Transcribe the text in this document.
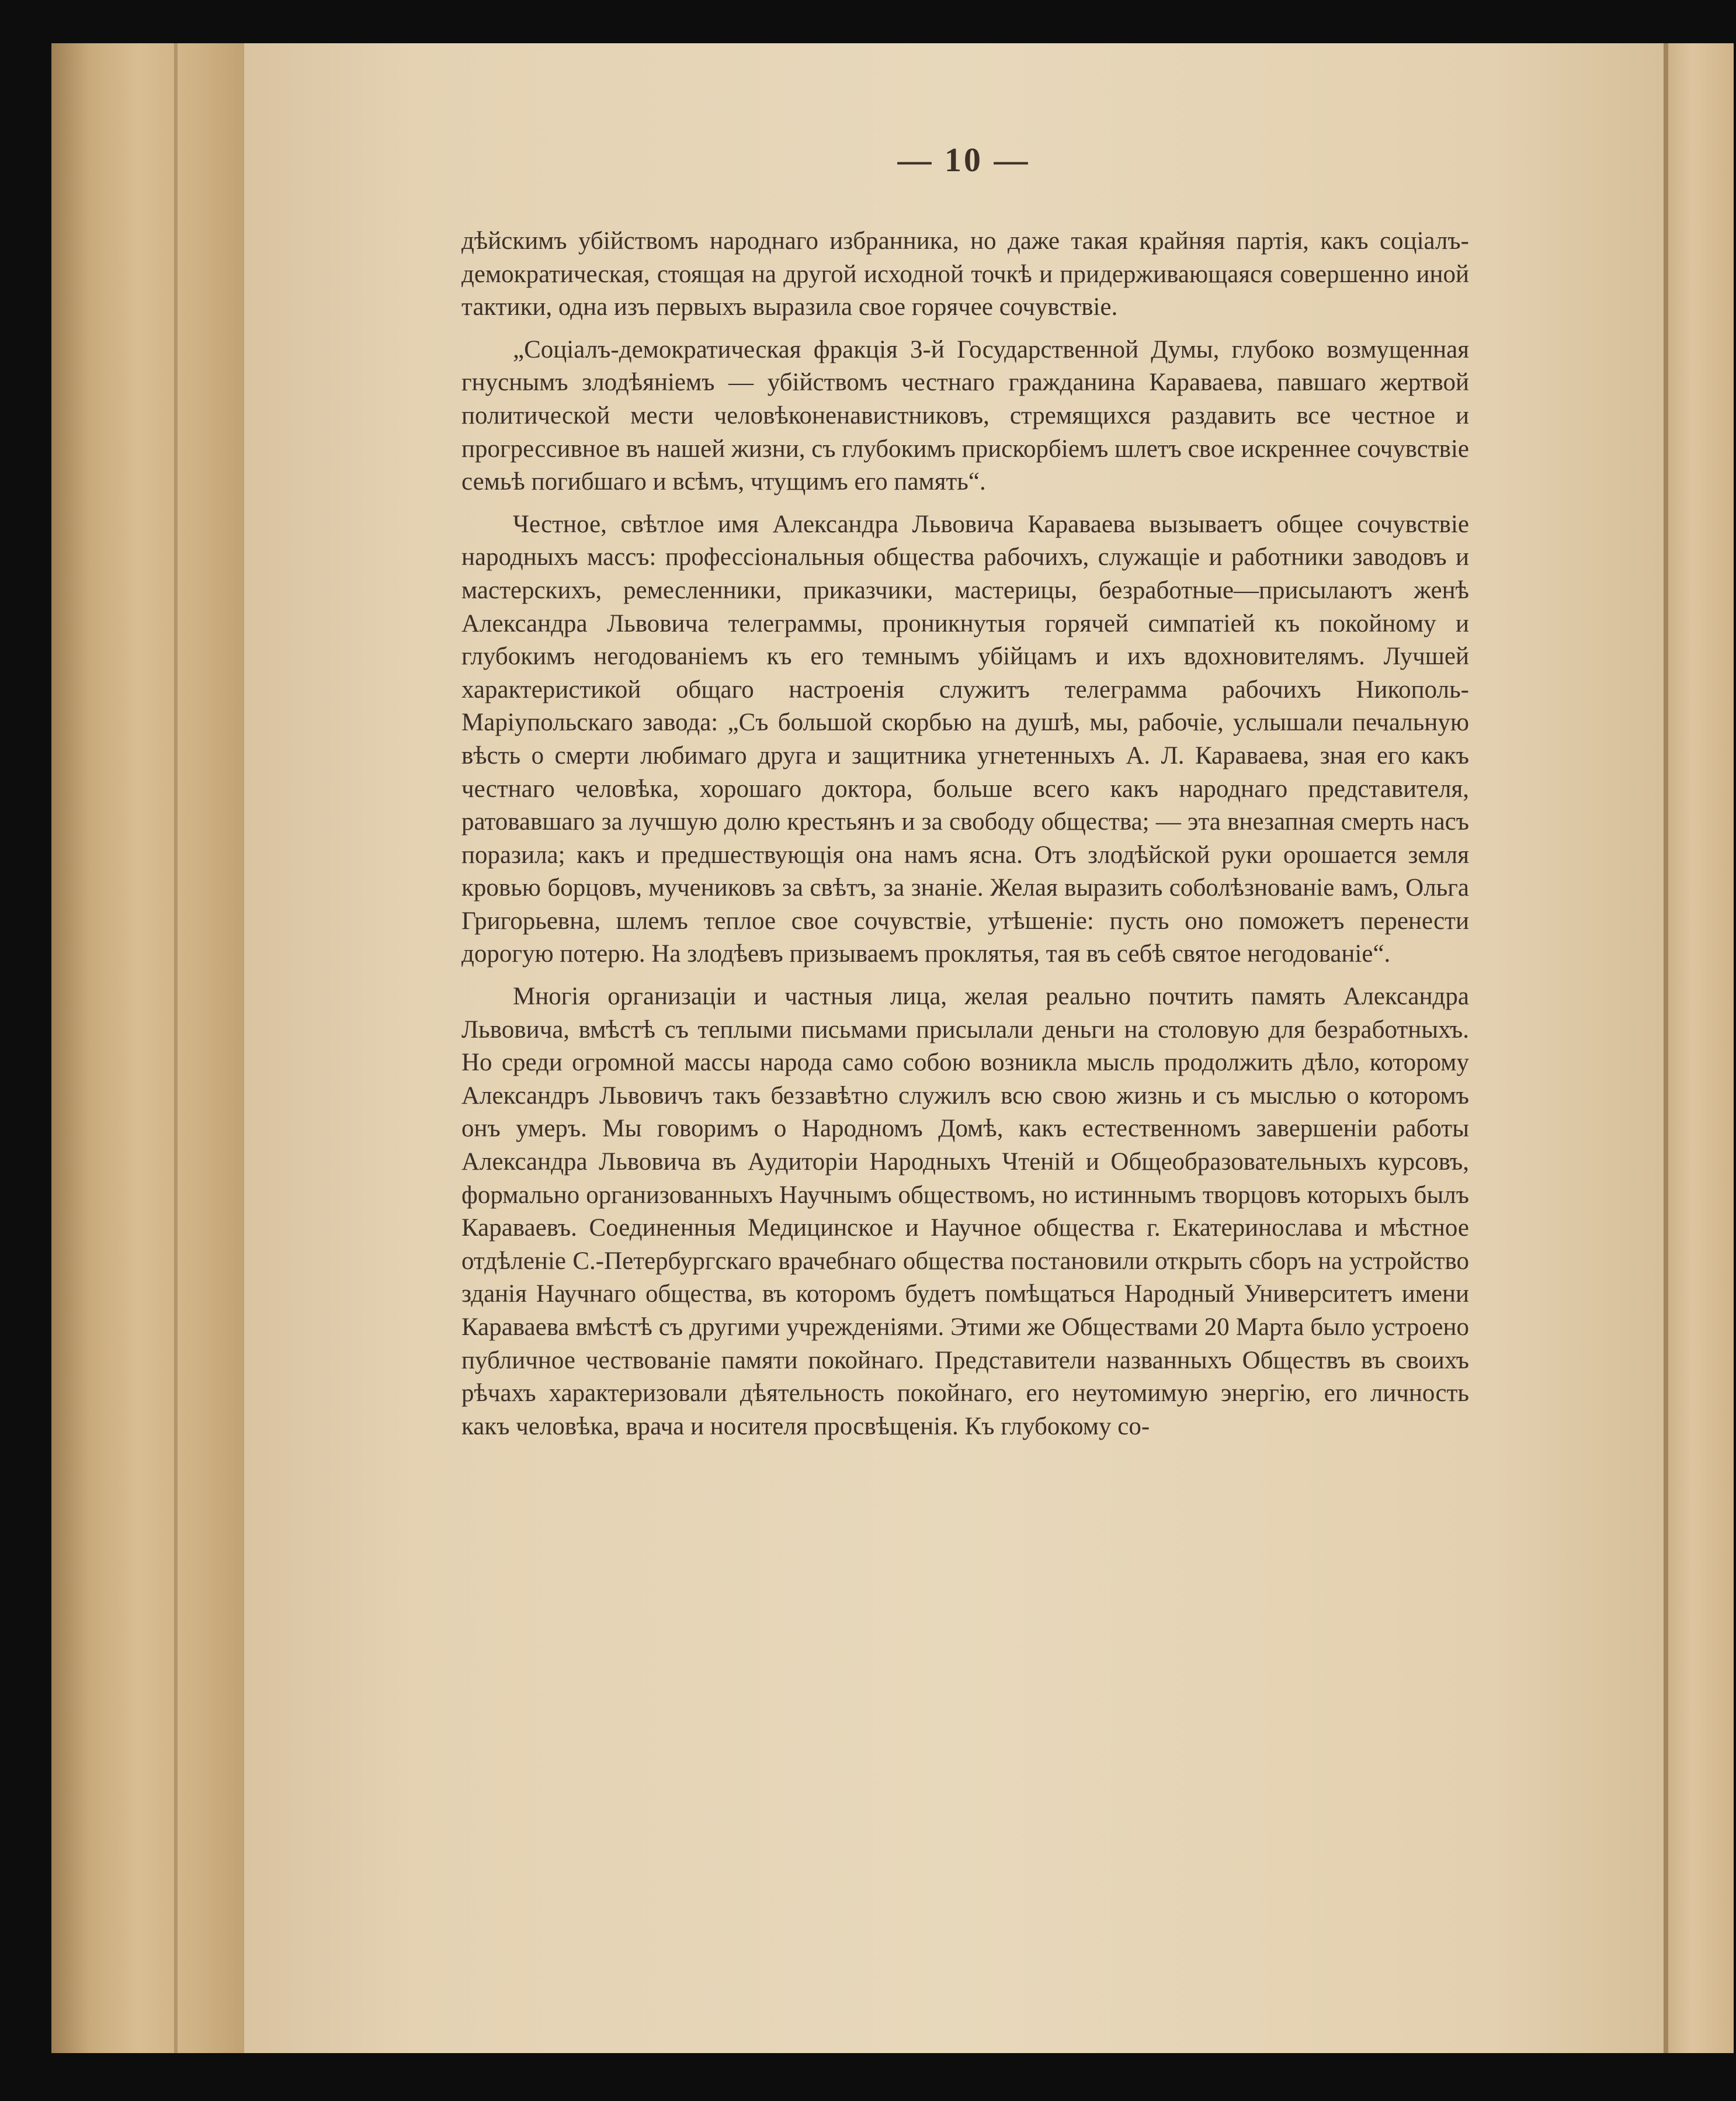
— 10 —

дѣйскимъ убійствомъ народнаго избранника, но даже такая крайняя партія, какъ соціалъ-демократическая, стоящая на другой исходной точкѣ и придерживающаяся совершенно иной тактики, одна изъ первыхъ выразила свое горячее сочувствіе.

„Соціалъ-демократическая фракція 3-й Государственной Думы, глубоко возмущенная гнуснымъ злодѣяніемъ — убійствомъ честнаго гражданина Караваева, павшаго жертвой политической мести человѣконенавистниковъ, стремящихся раздавить все честное и прогрессивное въ нашей жизни, съ глубокимъ прискорбіемъ шлетъ свое искреннее сочувствіе семьѣ погибшаго и всѣмъ, чтущимъ его память“.

Честное, свѣтлое имя Александра Львовича Караваева вызываетъ общее сочувствіе народныхъ массъ: профессіональныя общества рабочихъ, служащіе и работники заводовъ и мастерскихъ, ремесленники, приказчики, мастерицы, безработные—присылаютъ женѣ Александра Львовича телеграммы, проникнутыя горячей симпатіей къ покойному и глубокимъ негодованіемъ къ его темнымъ убійцамъ и ихъ вдохновителямъ. Лучшей характеристикой общаго настроенія служитъ телеграмма рабочихъ Никополь-Маріупольскаго завода: „Съ большой скорбью на душѣ, мы, рабочіе, услышали печальную вѣсть о смерти любимаго друга и защитника угнетенныхъ А. Л. Караваева, зная его какъ честнаго человѣка, хорошаго доктора, больше всего какъ народнаго представителя, ратовавшаго за лучшую долю крестьянъ и за свободу общества; — эта внезапная смерть насъ поразила; какъ и предшествующія она намъ ясна. Отъ злодѣйской руки орошается земля кровью борцовъ, мучениковъ за свѣтъ, за знаніе. Желая выразить соболѣзнованіе вамъ, Ольга Григорьевна, шлемъ теплое свое сочувствіе, утѣшеніе: пусть оно поможетъ перенести дорогую потерю. На злодѣевъ призываемъ проклятья, тая въ себѣ святое негодованіе“.

Многія организаціи и частныя лица, желая реально почтить память Александра Львовича, вмѣстѣ съ теплыми письмами присылали деньги на столовую для безработныхъ. Но среди огромной массы народа само собою возникла мысль продолжить дѣло, которому Александръ Львовичъ такъ беззавѣтно служилъ всю свою жизнь и съ мыслью о которомъ онъ умеръ. Мы говоримъ о Народномъ Домѣ, какъ естественномъ завершеніи работы Александра Львовича въ Аудиторіи Народныхъ Чтеній и Общеобразовательныхъ курсовъ, формально организованныхъ Научнымъ обществомъ, но истиннымъ творцовъ которыхъ былъ Караваевъ. Соединенныя Медицинское и Научное общества г. Екатеринослава и мѣстное отдѣленіе С.-Петербургскаго врачебнаго общества постановили открыть сборъ на устройство зданія Научнаго общества, въ которомъ будетъ помѣщаться Народный Университетъ имени Караваева вмѣстѣ съ другими учрежденіями. Этими же Обществами 20 Марта было устроено публичное чествованіе памяти покойнаго. Представители названныхъ Обществъ въ своихъ рѣчахъ характеризовали дѣятельность покойнаго, его неутомимую энергію, его личность какъ человѣка, врача и носителя просвѣщенія. Къ глубокому со-
